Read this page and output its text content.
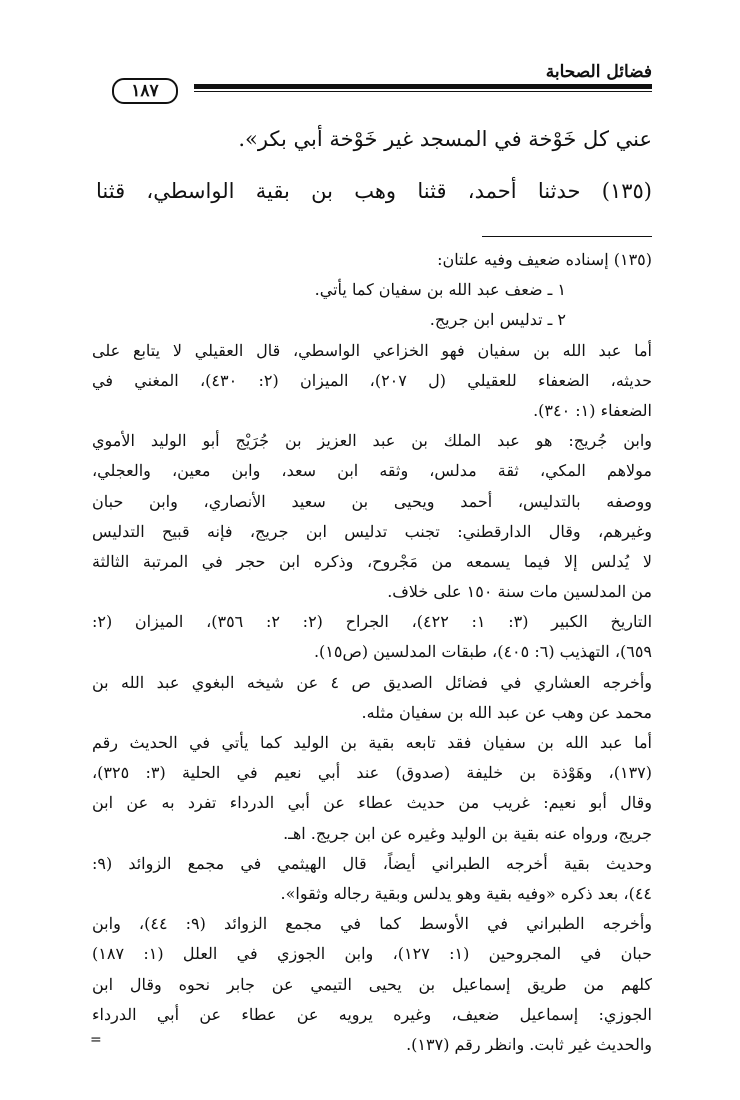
فضائل الصحابة
١٨٧
عني كل خَوْخة في المسجد غير خَوْخة أبي بكر».
(١٣٥) حدثنا أحمد، قثنا وهب بن بقية الواسطي، قثنا
(١٣٥) إسناده ضعيف وفيه علتان:
١ ـ ضعف عبد الله بن سفيان كما يأتي.
٢ ـ تدليس ابن جريج.
أما عبد الله بن سفيان فهو الخزاعي الواسطي، قال العقيلي لا يتابع على
حديثه، الضعفاء للعقيلي (ل ٢٠٧)، الميزان (٢: ٤٣٠)، المغني في
الضعفاء (١: ٣٤٠).
وابن جُريج: هو عبد الملك بن عبد العزيز بن جُرَيْج أبو الوليد الأموي
مولاهم المكي، ثقة مدلس، وثقه ابن سعد، وابن معين، والعجلي،
ووصفه بالتدليس، أحمد ويحيى بن سعيد الأنصاري، وابن حبان
وغيرهم، وقال الدارقطني: تجنب تدليس ابن جريج، فإنه قبيح التدليس
لا يُدلس إلا فيما يسمعه من مَجْروح، وذكره ابن حجر في المرتبة الثالثة
من المدلسين مات سنة ١٥٠ على خلاف.
التاريخ الكبير (٣: ١: ٤٢٢)، الجراح (٢: ٢: ٣٥٦)، الميزان (٢:
٦٥٩)، التهذيب (٦: ٤٠٥)، طبقات المدلسين (ص١٥).
وأخرجه العشاري في فضائل الصديق ص ٤ عن شيخه البغوي عبد الله بن
محمد عن وهب عن عبد الله بن سفيان مثله.
أما عبد الله بن سفيان فقد تابعه بقية بن الوليد كما يأتي في الحديث رقم
(١٣٧)، وهَوْذة بن خليفة (صدوق) عند أبي نعيم في الحلية (٣: ٣٢٥)،
وقال أبو نعيم: غريب من حديث عطاء عن أبي الدرداء تفرد به عن ابن
جريج، ورواه عنه بقية بن الوليد وغيره عن ابن جريج. اهـ.
وحديث بقية أخرجه الطبراني أيضاً، قال الهيثمي في مجمع الزوائد (٩:
٤٤)، بعد ذكره «وفيه بقية وهو يدلس وبقية رجاله وثقوا».
وأخرجه الطبراني في الأوسط كما في مجمع الزوائد (٩: ٤٤)، وابن
حبان في المجروحين (١: ١٢٧)، وابن الجوزي في العلل (١: ١٨٧)
كلهم من طريق إسماعيل بن يحيى التيمي عن جابر نحوه وقال ابن
الجوزي: إسماعيل ضعيف، وغيره يرويه عن عطاء عن أبي الدرداء
والحديث غير ثابت. وانظر رقم (١٣٧).
=
